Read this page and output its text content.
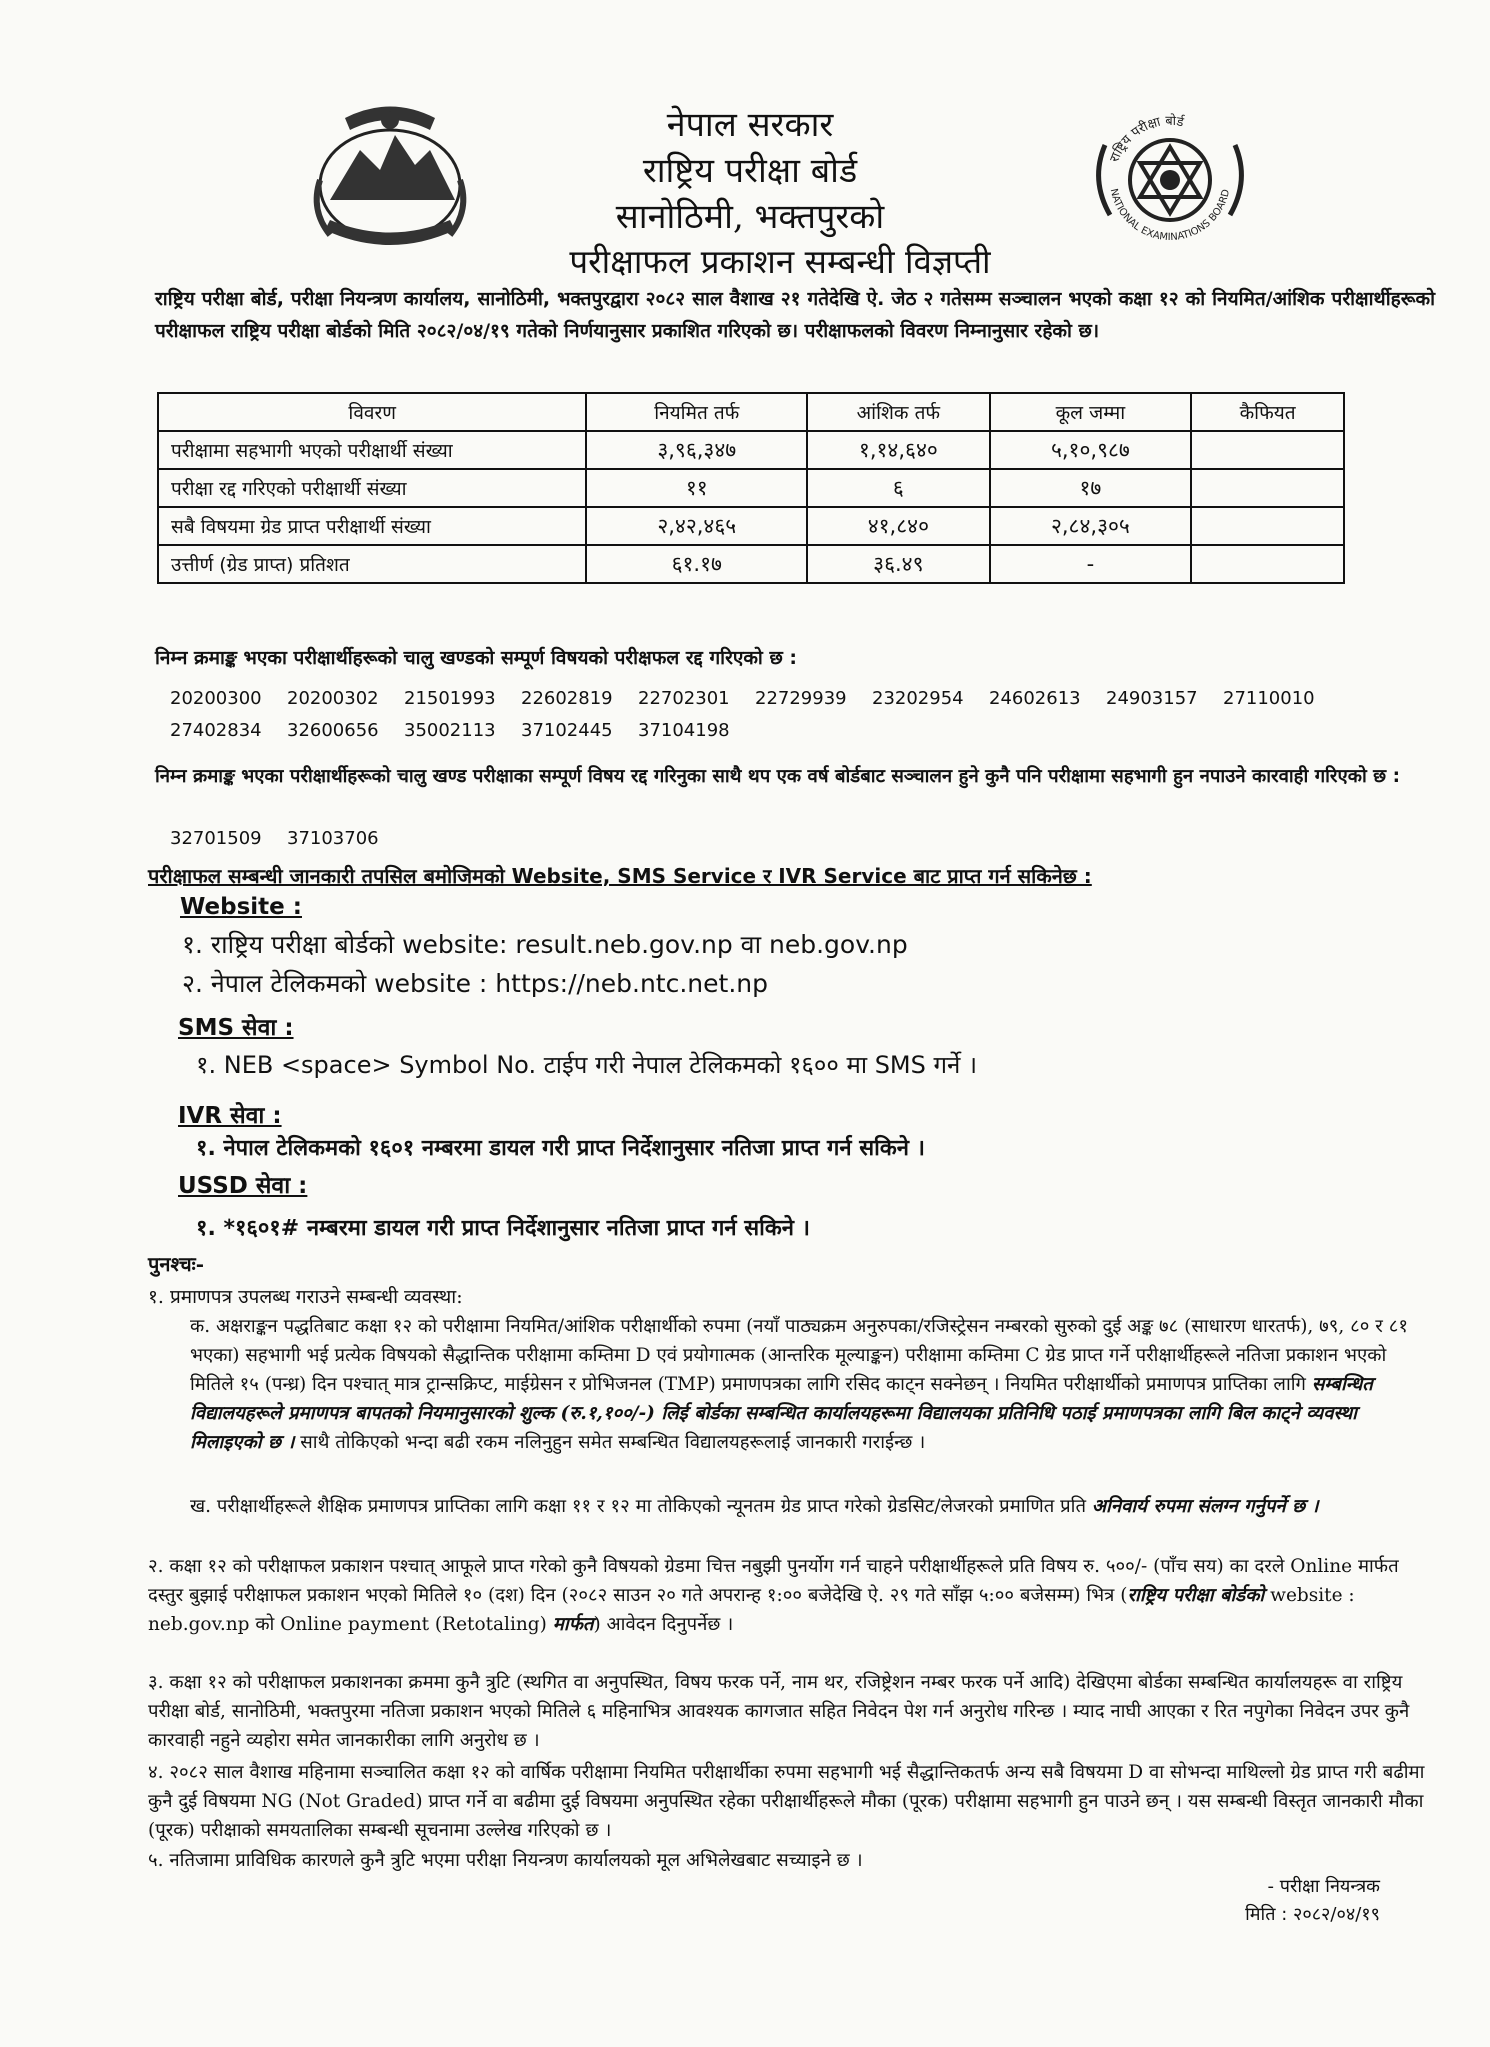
नेपाल सरकार
राष्ट्रिय परीक्षा बोर्ड
सानोठिमी, भक्तपुरको
परीक्षाफल प्रकाशन सम्बन्धी विज्ञप्ती
राष्ट्रिय परीक्षा बोर्ड
NATIONAL EXAMINATIONS BOARD
राष्ट्रिय परीक्षा बोर्ड, परीक्षा नियन्त्रण कार्यालय, सानोठिमी, भक्तपुरद्वारा २०८२ साल वैशाख २१ गतेदेखि ऐ. जेठ २ गतेसम्म सञ्चालन भएको कक्षा १२ को नियमित/आंशिक परीक्षार्थीहरूको परीक्षाफल राष्ट्रिय परीक्षा बोर्डको मिति २०८२/०४/१९ गतेको निर्णयानुसार प्रकाशित गरिएको छ। परीक्षाफलको विवरण निम्नानुसार रहेको छ।
विवरण	नियमित तर्फ	आंशिक तर्फ	कूल जम्मा	कैफियत
परीक्षामा सहभागी भएको परीक्षार्थी संख्या	३,९६,३४७	१,१४,६४०	५,१०,९८७	
परीक्षा रद्द गरिएको परीक्षार्थी संख्या	११	६	१७	
सबै विषयमा ग्रेड प्राप्त परीक्षार्थी संख्या	२,४२,४६५	४१,८४०	२,८४,३०५	
उत्तीर्ण (ग्रेड प्राप्त) प्रतिशत	६१.१७	३६.४९	-	
निम्न क्रमाङ्क भएका परीक्षार्थीहरूको चालु खण्डको सम्पूर्ण विषयको परीक्षफल रद्द गरिएको छ :
20200300 20200302 21501993 22602819 22702301 22729939 23202954 24602613 24903157 27110010
27402834 32600656 35002113 37102445 37104198
निम्न क्रमाङ्क भएका परीक्षार्थीहरूको चालु खण्ड परीक्षाका सम्पूर्ण विषय रद्द गरिनुका साथै थप एक वर्ष बोर्डबाट सञ्चालन हुने कुनै पनि परीक्षामा सहभागी हुन नपाउने कारवाही गरिएको छ :
32701509 37103706
परीक्षाफल सम्बन्धी जानकारी तपसिल बमोजिमको Website, SMS Service र IVR Service बाट प्राप्त गर्न सकिनेछ :
Website :
१. राष्ट्रिय परीक्षा बोर्डको website: result.neb.gov.np वा neb.gov.np
२. नेपाल टेलिकमको website : https://neb.ntc.net.np
SMS सेवा :
१. NEB <space> Symbol No. टाईप गरी नेपाल टेलिकमको १६०० मा SMS गर्ने ।
IVR सेवा :
१. नेपाल टेलिकमको १६०१ नम्बरमा डायल गरी प्राप्त निर्देशानुसार नतिजा प्राप्त गर्न सकिने ।
USSD सेवा :
१. *१६०१# नम्बरमा डायल गरी प्राप्त निर्देशानुसार नतिजा प्राप्त गर्न सकिने ।
पुनश्चः-
१. प्रमाणपत्र उपलब्ध गराउने सम्बन्धी व्यवस्था:
क. अक्षराङ्कन पद्धतिबाट कक्षा १२ को परीक्षामा नियमित/आंशिक परीक्षार्थीको रुपमा (नयाँ पाठ्यक्रम अनुरुपका/रजिस्ट्रेसन नम्बरको सुरुको दुई अङ्क ७८ (साधारण धारतर्फ), ७९, ८० र ८१ भएका) सहभागी भई प्रत्येक विषयको सैद्धान्तिक परीक्षामा कम्तिमा D एवं प्रयोगात्मक (आन्तरिक मूल्याङ्कन) परीक्षामा कम्तिमा C ग्रेड प्राप्त गर्ने परीक्षार्थीहरूले नतिजा प्रकाशन भएको मितिले १५ (पन्ध्र) दिन पश्चात् मात्र ट्रान्सक्रिप्ट, माईग्रेसन र प्रोभिजनल (TMP) प्रमाणपत्रका लागि रसिद काट्न सक्नेछन् । नियमित परीक्षार्थीको प्रमाणपत्र प्राप्तिका लागि सम्बन्धित विद्यालयहरूले प्रमाणपत्र बापतको नियमानुसारको शुल्क (रु.१,१००/-) लिई बोर्डका सम्बन्धित कार्यालयहरूमा विद्यालयका प्रतिनिधि पठाई प्रमाणपत्रका लागि बिल काट्ने व्यवस्था मिलाइएको छ । साथै तोकिएको भन्दा बढी रकम नलिनुहुन समेत सम्बन्धित विद्यालयहरूलाई जानकारी गराईन्छ ।
ख. परीक्षार्थीहरूले शैक्षिक प्रमाणपत्र प्राप्तिका लागि कक्षा ११ र १२ मा तोकिएको न्यूनतम ग्रेड प्राप्त गरेको ग्रेडसिट/लेजरको प्रमाणित प्रति अनिवार्य रुपमा संलग्न गर्नुपर्ने छ ।
२. कक्षा १२ को परीक्षाफल प्रकाशन पश्चात् आफूले प्राप्त गरेको कुनै विषयको ग्रेडमा चित्त नबुझी पुनर्योग गर्न चाहने परीक्षार्थीहरूले प्रति विषय रु. ५००/- (पाँच सय) का दरले Online मार्फत दस्तुर बुझाई परीक्षाफल प्रकाशन भएको मितिले १० (दश) दिन (२०८२ साउन २० गते अपरान्ह १:०० बजेदेखि ऐ. २९ गते साँझ ५:०० बजेसम्म) भित्र (राष्ट्रिय परीक्षा बोर्डको website : neb.gov.np को Online payment (Retotaling) मार्फत) आवेदन दिनुपर्नेछ ।
३. कक्षा १२ को परीक्षाफल प्रकाशनका क्रममा कुनै त्रुटि (स्थगित वा अनुपस्थित, विषय फरक पर्ने, नाम थर, रजिष्ट्रेशन नम्बर फरक पर्ने आदि) देखिएमा बोर्डका सम्बन्धित कार्यालयहरू वा राष्ट्रिय परीक्षा बोर्ड, सानोठिमी, भक्तपुरमा नतिजा प्रकाशन भएको मितिले ६ महिनाभित्र आवश्यक कागजात सहित निवेदन पेश गर्न अनुरोध गरिन्छ । म्याद नाघी आएका र रित नपुगेका निवेदन उपर कुनै कारवाही नहुने व्यहोरा समेत जानकारीका लागि अनुरोध छ ।
४. २०८२ साल वैशाख महिनामा सञ्चालित कक्षा १२ को वार्षिक परीक्षामा नियमित परीक्षार्थीका रुपमा सहभागी भई सैद्धान्तिकतर्फ अन्य सबै विषयमा D वा सोभन्दा माथिल्लो ग्रेड प्राप्त गरी बढीमा कुनै दुई विषयमा NG (Not Graded) प्राप्त गर्ने वा बढीमा दुई विषयमा अनुपस्थित रहेका परीक्षार्थीहरूले मौका (पूरक) परीक्षामा सहभागी हुन पाउने छन् । यस सम्बन्धी विस्तृत जानकारी मौका (पूरक) परीक्षाको समयतालिका सम्बन्धी सूचनामा उल्लेख गरिएको छ ।
५. नतिजामा प्राविधिक कारणले कुनै त्रुटि भएमा परीक्षा नियन्त्रण कार्यालयको मूल अभिलेखबाट सच्याइने छ ।
- परीक्षा नियन्त्रक
मिति : २०८२/०४/१९
